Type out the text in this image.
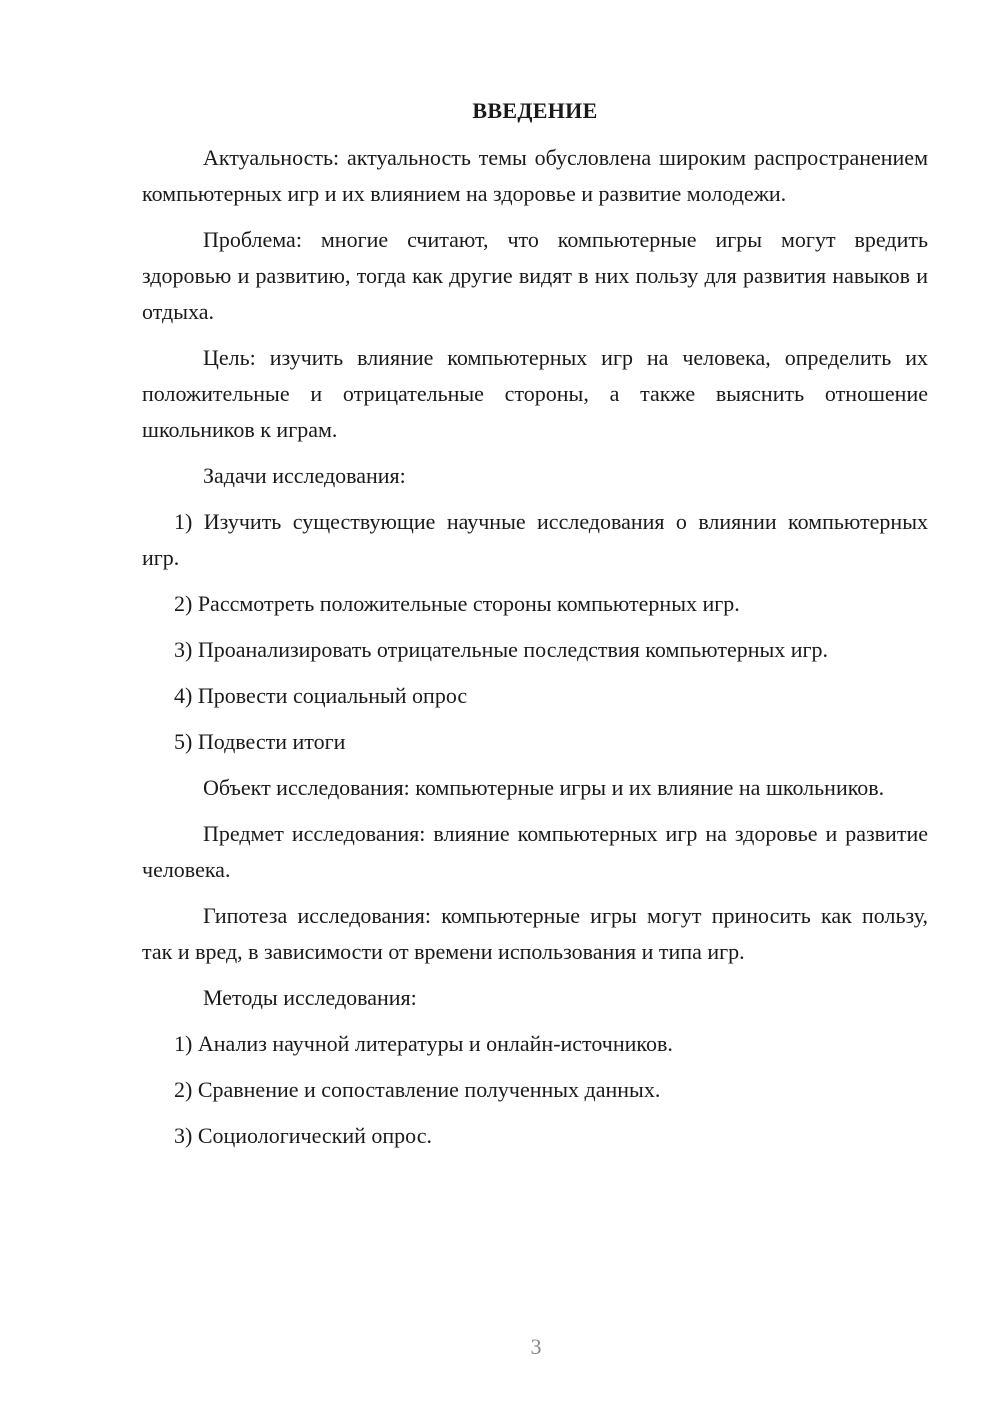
ВВЕДЕНИЕ

Актуальность: актуальность темы обусловлена широким распространением компьютерных игр и их влиянием на здоровье и развитие молодежи.

Проблема: многие считают, что компьютерные игры могут вредить здоровью и развитию, тогда как другие видят в них пользу для развития навыков и отдыха.

Цель: изучить влияние компьютерных игр на человека, определить их положительные и отрицательные стороны, а также выяснить отношение школьников к играм.

Задачи исследования:

1) Изучить существующие научные исследования о влиянии компьютерных игр.

2) Рассмотреть положительные стороны компьютерных игр.

3) Проанализировать отрицательные последствия компьютерных игр.

4) Провести социальный опрос

5) Подвести итоги

Объект исследования: компьютерные игры и их влияние на школьников.

Предмет исследования: влияние компьютерных игр на здоровье и развитие человека.

Гипотеза исследования: компьютерные игры могут приносить как пользу, так и вред, в зависимости от времени использования и типа игр.

Методы исследования:

1) Анализ научной литературы и онлайн-источников.

2) Сравнение и сопоставление полученных данных.

3) Социологический опрос.

3
